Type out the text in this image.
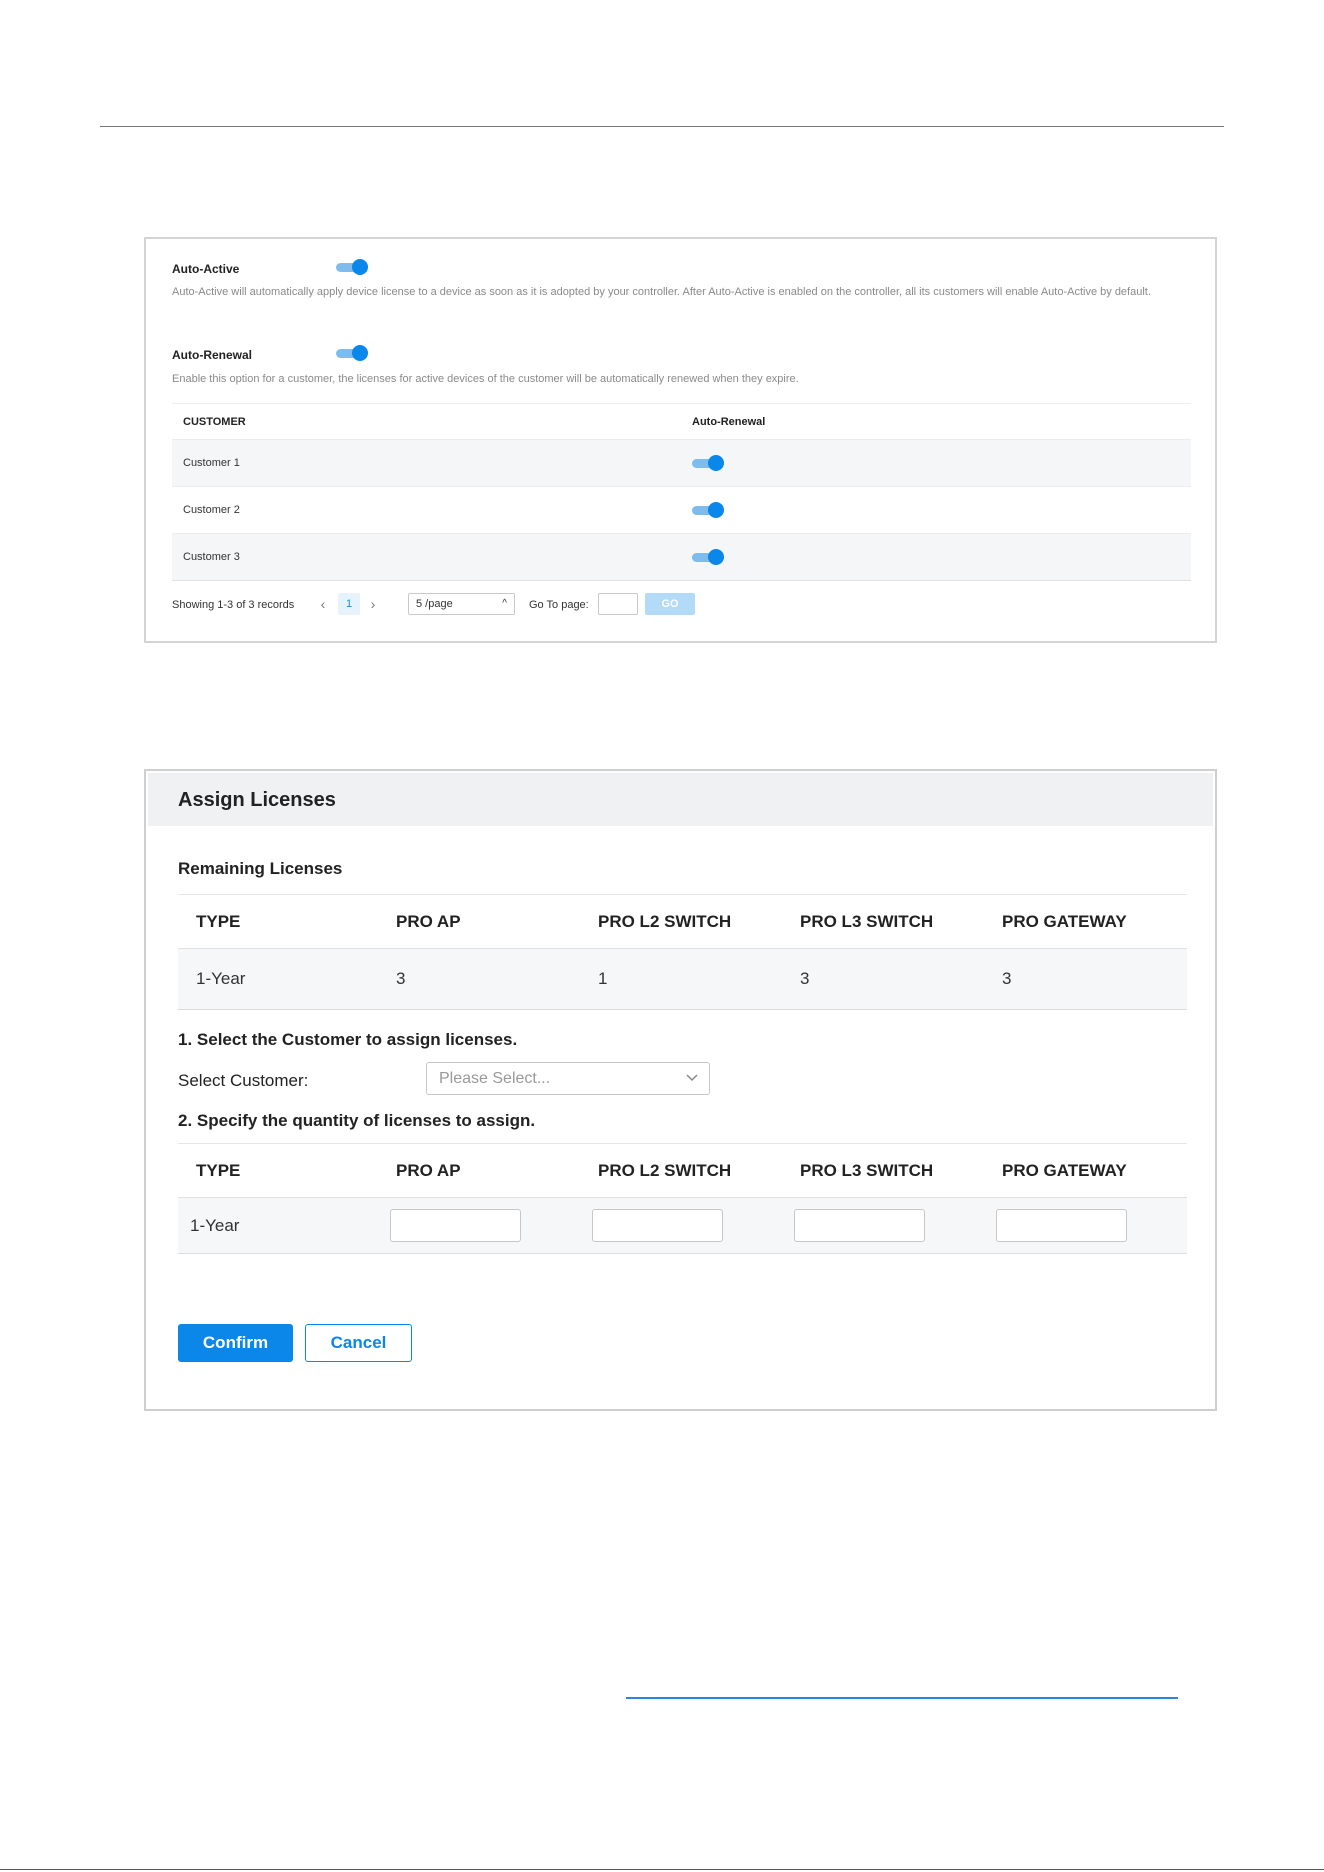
Auto-Active
Auto-Active will automatically apply device license to a device as soon as it is adopted by your controller. After Auto-Active is enabled on the controller, all its customers will enable Auto-Active by default.
Auto-Renewal
Enable this option for a customer, the licenses for active devices of the customer will be automatically renewed when they expire.
CUSTOMER	Auto-Renewal
Customer 1	

Customer 2	

Customer 3	
Showing 1-3 of 3 records	‹	1	›	5 /page	^ Go To page:	GO
Assign Licenses
Remaining Licenses
TYPE	PRO AP	PRO L2 SWITCH	PRO L3 SWITCH	PRO GATEWAY
1-Year	3	1	3	3
1. Select the Customer to assign licenses.
Select Customer:	Please Select...
2. Specify the quantity of licenses to assign.
TYPE	PRO AP	PRO L2 SWITCH	PRO L3 SWITCH	PRO GATEWAY
1-Year	

Confirm	Cancel
